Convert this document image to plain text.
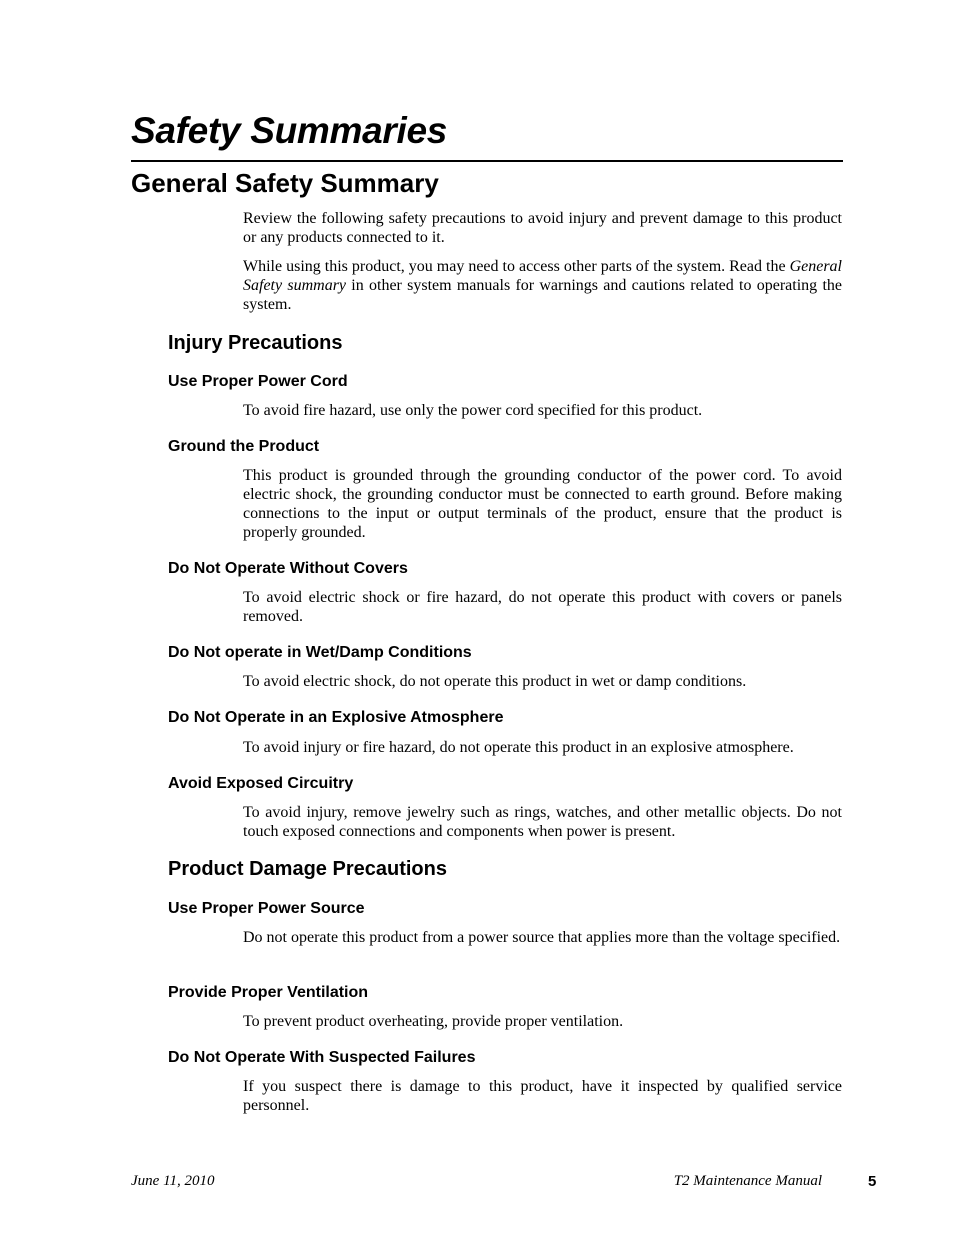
Safety Summaries
General Safety Summary

Review the following safety precautions to avoid injury and prevent damage to this product or any products connected to it.

While using this product, you may need to access other parts of the system. Read the General Safety summary in other system manuals for warnings and cautions related to operating the system.

Injury Precautions
Use Proper Power Cord

To avoid fire hazard, use only the power cord specified for this product.

Ground the Product

This product is grounded through the grounding conductor of the power cord. To avoid electric shock, the grounding conductor must be connected to earth ground. Before making connections to the input or output terminals of the product, ensure that the product is properly grounded.

Do Not Operate Without Covers

To avoid electric shock or fire hazard, do not operate this product with covers or panels removed.

Do Not operate in Wet/Damp Conditions

To avoid electric shock, do not operate this product in wet or damp conditions.

Do Not Operate in an Explosive Atmosphere

To avoid injury or fire hazard, do not operate this product in an explosive atmosphere.

Avoid Exposed Circuitry

To avoid injury, remove jewelry such as rings, watches, and other metallic objects. Do not touch exposed connections and components when power is present.

Product Damage Precautions
Use Proper Power Source

Do not operate this product from a power source that applies more than the voltage specified.

Provide Proper Ventilation

To prevent product overheating, provide proper ventilation.

Do Not Operate With Suspected Failures

If you suspect there is damage to this product, have it inspected by qualified service personnel.

June 11, 2010	T2 Maintenance Manual	5
